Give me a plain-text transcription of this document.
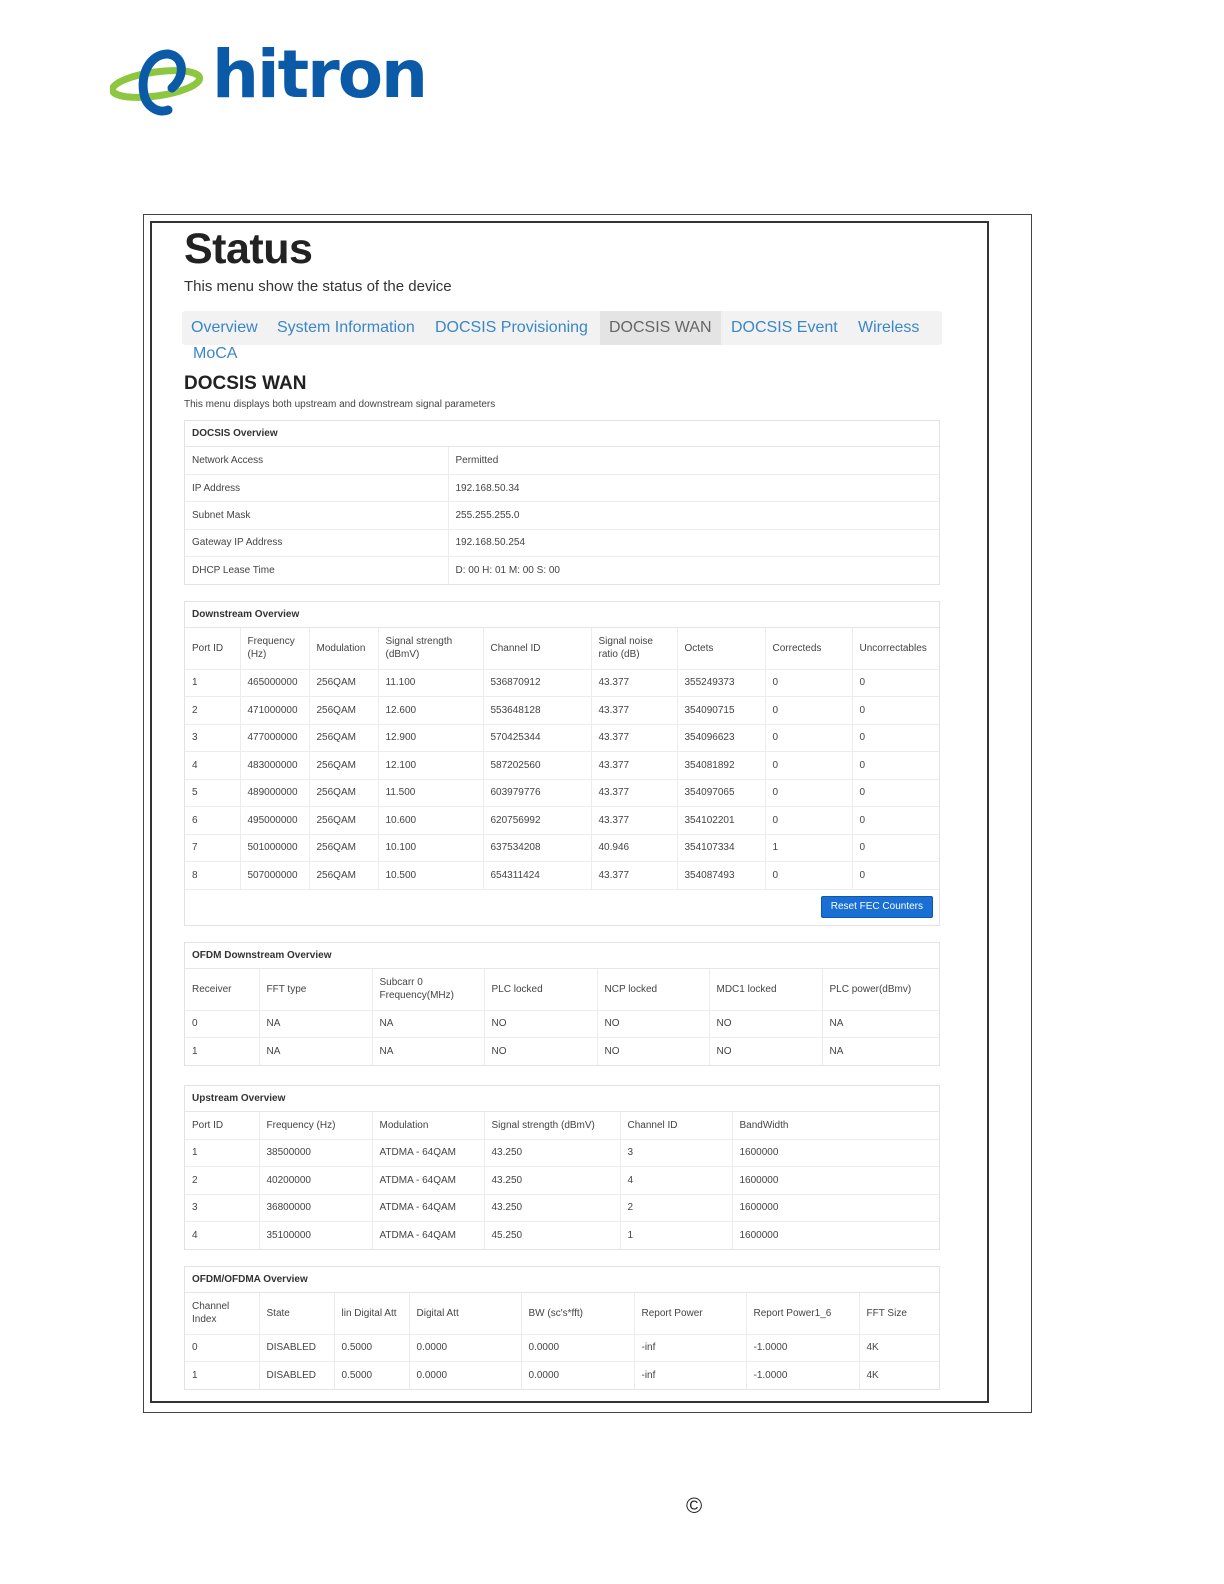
hitron
Status
This menu show the status of the device
Overview	System Information	DOCSIS Provisioning	DOCSIS WAN	DOCSIS Event	Wireless
MoCA
DOCSIS WAN
This menu displays both upstream and downstream signal parameters
DOCSIS Overview
Network Access	Permitted
IP Address	192.168.50.34
Subnet Mask	255.255.255.0
Gateway IP Address	192.168.50.254
DHCP Lease Time	D: 00 H: 01 M: 00 S: 00
Downstream Overview
Port ID	Frequency (Hz)	Modulation	Signal strength (dBmV)	Channel ID	Signal noise ratio (dB)	Octets	Correcteds	Uncorrectables
1	465000000	256QAM	11.100	536870912	43.377	355249373	0	0
2	471000000	256QAM	12.600	553648128	43.377	354090715	0	0
3	477000000	256QAM	12.900	570425344	43.377	354096623	0	0
4	483000000	256QAM	12.100	587202560	43.377	354081892	0	0
5	489000000	256QAM	11.500	603979776	43.377	354097065	0	0
6	495000000	256QAM	10.600	620756992	43.377	354102201	0	0
7	501000000	256QAM	10.100	637534208	40.946	354107334	1	0
8	507000000	256QAM	10.500	654311424	43.377	354087493	0	0
Reset FEC Counters
OFDM Downstream Overview
Receiver	FFT type	Subcarr 0 Frequency(MHz)	PLC locked	NCP locked	MDC1 locked	PLC power(dBmv)
0	NA	NA	NO	NO	NO	NA
1	NA	NA	NO	NO	NO	NA
Upstream Overview
Port ID	Frequency (Hz)	Modulation	Signal strength (dBmV)	Channel ID	BandWidth
1	38500000	ATDMA - 64QAM	43.250	3	1600000
2	40200000	ATDMA - 64QAM	43.250	4	1600000
3	36800000	ATDMA - 64QAM	43.250	2	1600000
4	35100000	ATDMA - 64QAM	45.250	1	1600000
OFDM/OFDMA Overview
Channel Index	State	lin Digital Att	Digital Att	BW (sc's*fft)	Report Power	Report Power1_6	FFT Size
0	DISABLED	0.5000	0.0000	0.0000	-inf	-1.0000	4K
1	DISABLED	0.5000	0.0000	0.0000	-inf	-1.0000	4K
©
